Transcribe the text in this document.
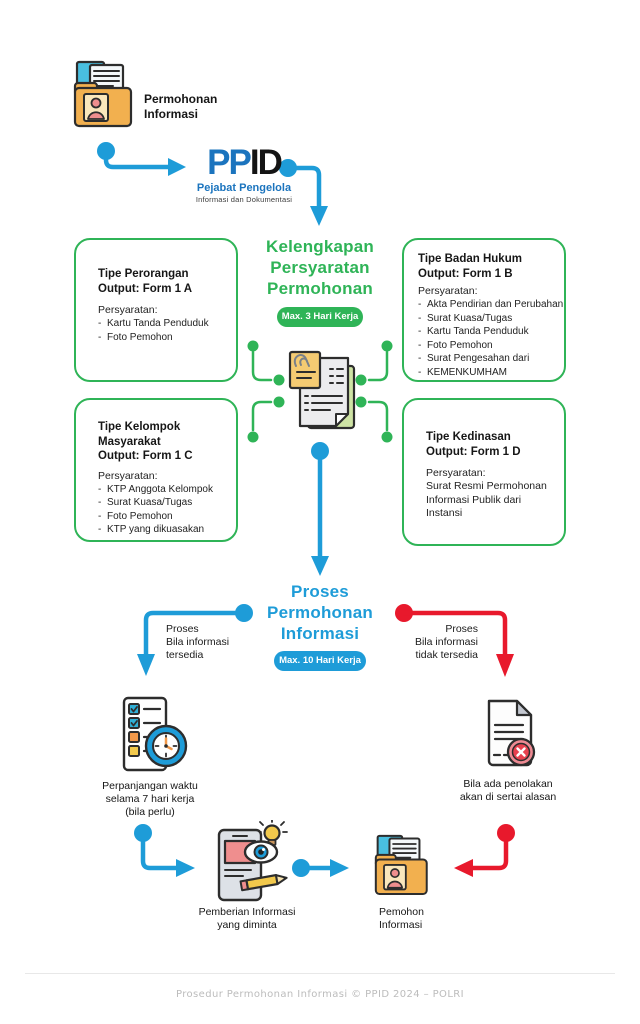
Permohonan
Informasi
PPID
Pejabat Pengelola
Informasi dan Dokumentasi
Kelengkapan
Persyaratan
Permohonan
Max. 3 Hari Kerja
Tipe Perorangan
Output: Form 1 A
Persyaratan:
- Kartu Tanda Penduduk
- Foto Pemohon
Tipe Badan Hukum
Output: Form 1 B
Persyaratan:
- Akta Pendirian dan Perubahan
- Surat Kuasa/Tugas
- Kartu Tanda Penduduk
- Foto Pemohon
- Surat Pengesahan dari
- KEMENKUMHAM
Tipe Kelompok
Masyarakat
Output: Form 1 C
Persyaratan:
- KTP Anggota Kelompok
- Surat Kuasa/Tugas
- Foto Pemohon
- KTP yang dikuasakan
Tipe Kedinasan
Output: Form 1 D
Persyaratan:
Surat Resmi Permohonan
Informasi Publik dari
Instansi
Proses
Permohonan
Informasi
Max. 10 Hari Kerja
Proses
Bila informasi
tersedia
Proses
Bila informasi
tidak tersedia
Perpanjangan waktu
selama 7 hari kerja
(bila perlu)
Bila ada penolakan
akan di sertai alasan
Pemberian Informasi
yang diminta
Pemohon
Informasi
Prosedur Permohonan Informasi © PPID 2024 – POLRI
